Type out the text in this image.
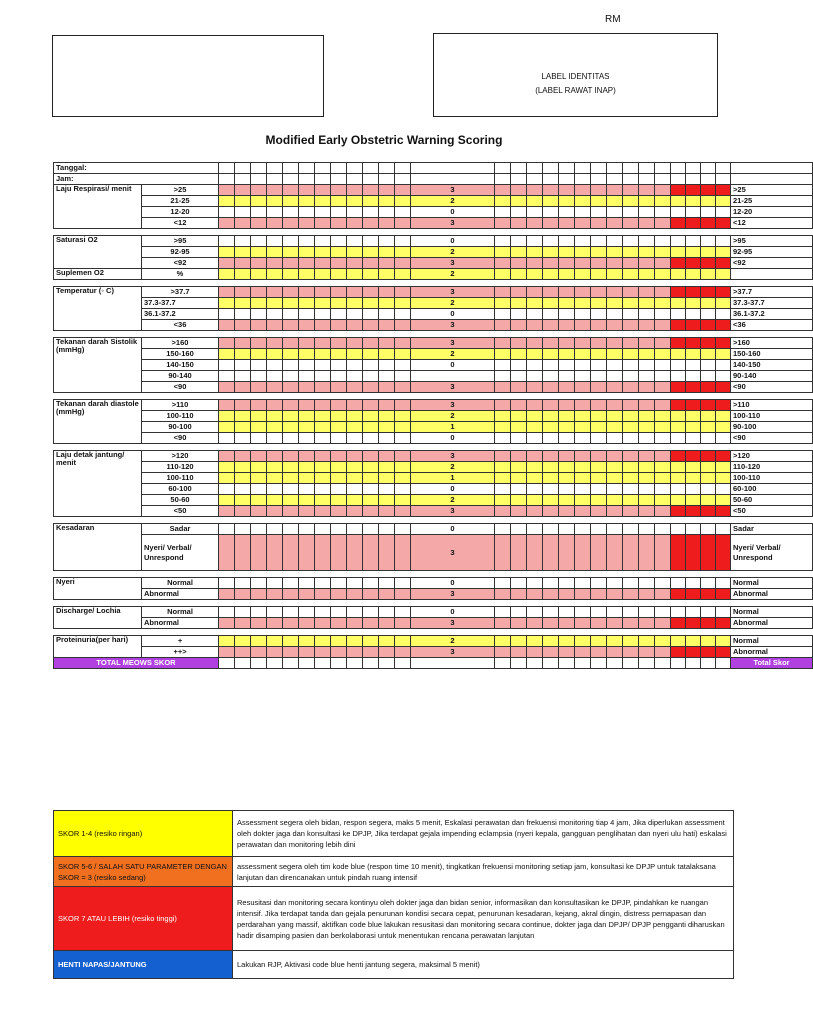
RM
LABEL IDENTITAS
(LABEL RAWAT INAP)
Modified Early Obstetric Warning Scoring
Tanggal:																														
Jam:																														
Laju Respirasi/ menit	>25													3																>25
	21-25													2																21-25
	12-20													0																12-20
	<12													3																<12

Saturasi O2	>95													0																>95
	92-95													2																92-95
	<92													3																<92
Suplemen O2	%													2																

Temperatur (◦ C)	>37.7													3																>37.7
	37.3-37.7													2																37.3-37.7
	36.1-37.2													0																36.1-37.2
	<36													3																<36

Tekanan darah Sistolik (mmHg)	>160													3																>160
	150-160													2																150-160
	140-150													0																140-150
	90-140																													90-140
	<90													3																<90

Tekanan darah diastole (mmHg)	>110													3																>110
	100-110													2																100-110
	90-100													1																90-100
	<90													0																<90

Laju detak jantung/ menit	>120													3																>120
	110-120													2																110-120
	100-110													1																100-110
	60-100													0																60-100
	50-60													2																50-60
	<50													3																<50

Kesadaran	Sadar													0																Sadar
	Nyeri/ Verbal/ Unrespond													3																Nyeri/ Verbal/ Unrespond

Nyeri	Normal													0																Normal
	Abnormal													3																Abnormal

Discharge/ Lochia	Normal													0																Normal
	Abnormal													3																Abnormal

Proteinuria(per hari)	+													2																Normal
	++>													3																Abnormal
TOTAL MEOWS SKOR																														Total Skor
SKOR 1-4 (resiko ringan)	Assessment segera oleh bidan, respon segera, maks 5 menit, Eskalasi perawatan dan frekuensi monitoring tiap 4 jam, Jika diperlukan assessment oleh dokter jaga dan konsultasi ke DPJP, Jika terdapat gejala impending eclampsia (nyeri kepala, gangguan penglihatan dan nyeri ulu hati) eskalasi perawatan dan monitoring lebih dini
SKOR 5-6 / SALAH SATU PARAMETER DENGAN SKOR = 3 (resiko sedang)	assessment segera oleh tim kode blue (respon time 10 menit), tingkatkan frekuensi monitoring setiap jam, konsultasi ke DPJP untuk tatalaksana lanjutan dan direncanakan untuk pindah ruang intensif
SKOR 7 ATAU LEBIH (resiko tinggi)	Resusitasi dan monitoring secara kontinyu oleh dokter jaga dan bidan senior, informasikan dan konsultasikan ke DPJP, pindahkan ke ruangan intensif. Jika terdapat tanda dan gejala penurunan kondisi secara cepat, penurunan kesadaran, kejang, akral dingin, distress pernapasan dan perdarahan yang massif, aktifkan code blue lakukan resusitasi dan monitoring secara continue, dokter jaga dan DPJP/ DPJP pengganti diharuskan hadir disamping pasien dan berkolaborasi untuk menentukan rencana perawatan lanjutan
HENTI NAPAS/JANTUNG	Lakukan RJP, Aktivasi code blue henti jantung segera, maksimal 5 menit)
